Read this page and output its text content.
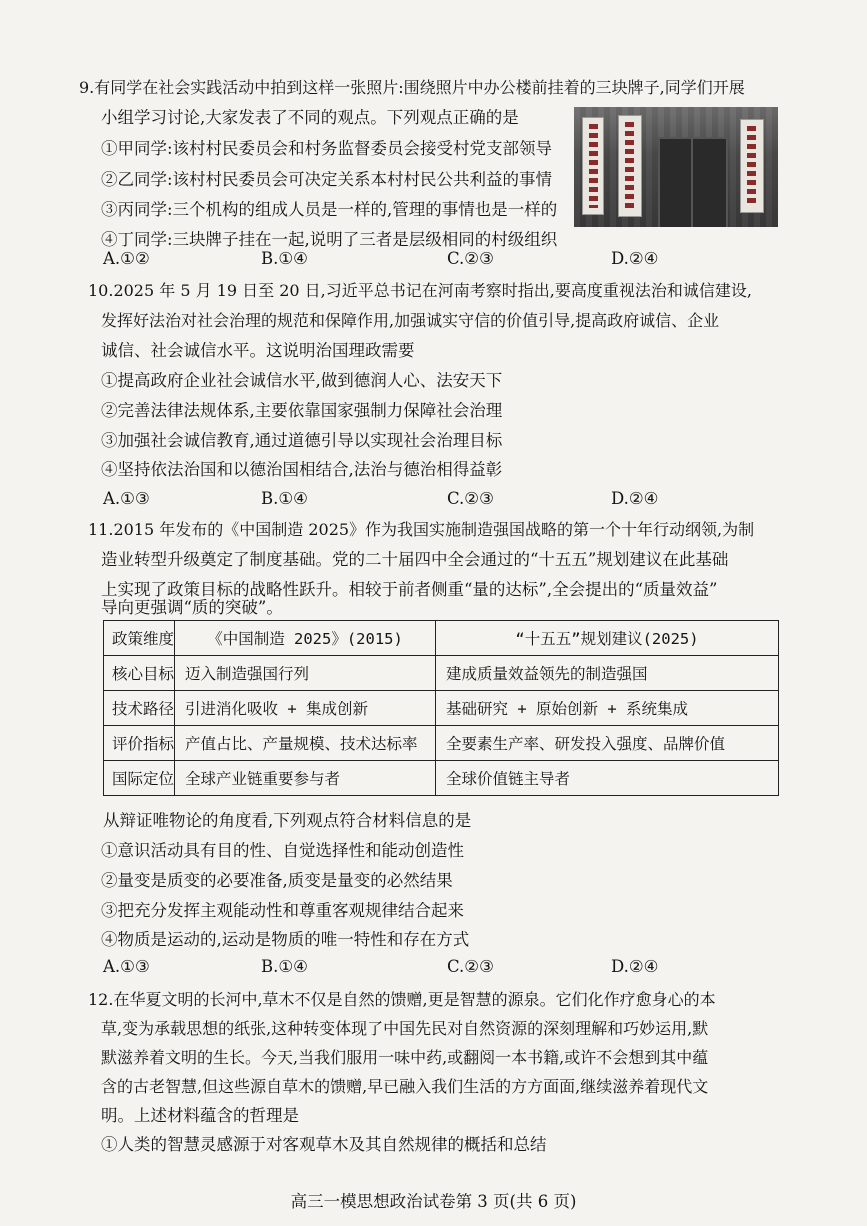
9.有同学在社会实践活动中拍到这样一张照片:围绕照片中办公楼前挂着的三块牌子,同学们开展
小组学习讨论,大家发表了不同的观点。下列观点正确的是
①甲同学:该村村民委员会和村务监督委员会接受村党支部领导
②乙同学:该村村民委员会可决定关系本村村民公共利益的事情
③丙同学:三个机构的组成人员是一样的,管理的事情也是一样的
④丁同学:三块牌子挂在一起,说明了三者是层级相同的村级组织
A.①②	B.①④	C.②③	D.②④
10.2025 年 5 月 19 日至 20 日,习近平总书记在河南考察时指出,要高度重视法治和诚信建设,
发挥好法治对社会治理的规范和保障作用,加强诚实守信的价值引导,提高政府诚信、企业
诚信、社会诚信水平。这说明治国理政需要
①提高政府企业社会诚信水平,做到德润人心、法安天下
②完善法律法规体系,主要依靠国家强制力保障社会治理
③加强社会诚信教育,通过道德引导以实现社会治理目标
④坚持依法治国和以德治国相结合,法治与德治相得益彰
A.①③	B.①④	C.②③	D.②④
11.2015 年发布的《中国制造 2025》作为我国实施制造强国战略的第一个十年行动纲领,为制
造业转型升级奠定了制度基础。党的二十届四中全会通过的“十五五”规划建议在此基础
上实现了政策目标的战略性跃升。相较于前者侧重“量的达标”,全会提出的“质量效益”
导向更强调“质的突破”。
政策维度	《中国制造 2025》(2015)	“十五五”规划建议(2025)
核心目标	迈入制造强国行列	建成质量效益领先的制造强国
技术路径	引进消化吸收 + 集成创新	基础研究 + 原始创新 + 系统集成
评价指标	产值占比、产量规模、技术达标率	全要素生产率、研发投入强度、品牌价值
国际定位	全球产业链重要参与者	全球价值链主导者
从辩证唯物论的角度看,下列观点符合材料信息的是
①意识活动具有目的性、自觉选择性和能动创造性
②量变是质变的必要准备,质变是量变的必然结果
③把充分发挥主观能动性和尊重客观规律结合起来
④物质是运动的,运动是物质的唯一特性和存在方式
A.①③	B.①④	C.②③	D.②④
12.在华夏文明的长河中,草木不仅是自然的馈赠,更是智慧的源泉。它们化作疗愈身心的本
草,变为承载思想的纸张,这种转变体现了中国先民对自然资源的深刻理解和巧妙运用,默
默滋养着文明的生长。今天,当我们服用一味中药,或翻阅一本书籍,或许不会想到其中蕴
含的古老智慧,但这些源自草木的馈赠,早已融入我们生活的方方面面,继续滋养着现代文
明。上述材料蕴含的哲理是
①人类的智慧灵感源于对客观草木及其自然规律的概括和总结
高三一模思想政治试卷第 3 页(共 6 页)
